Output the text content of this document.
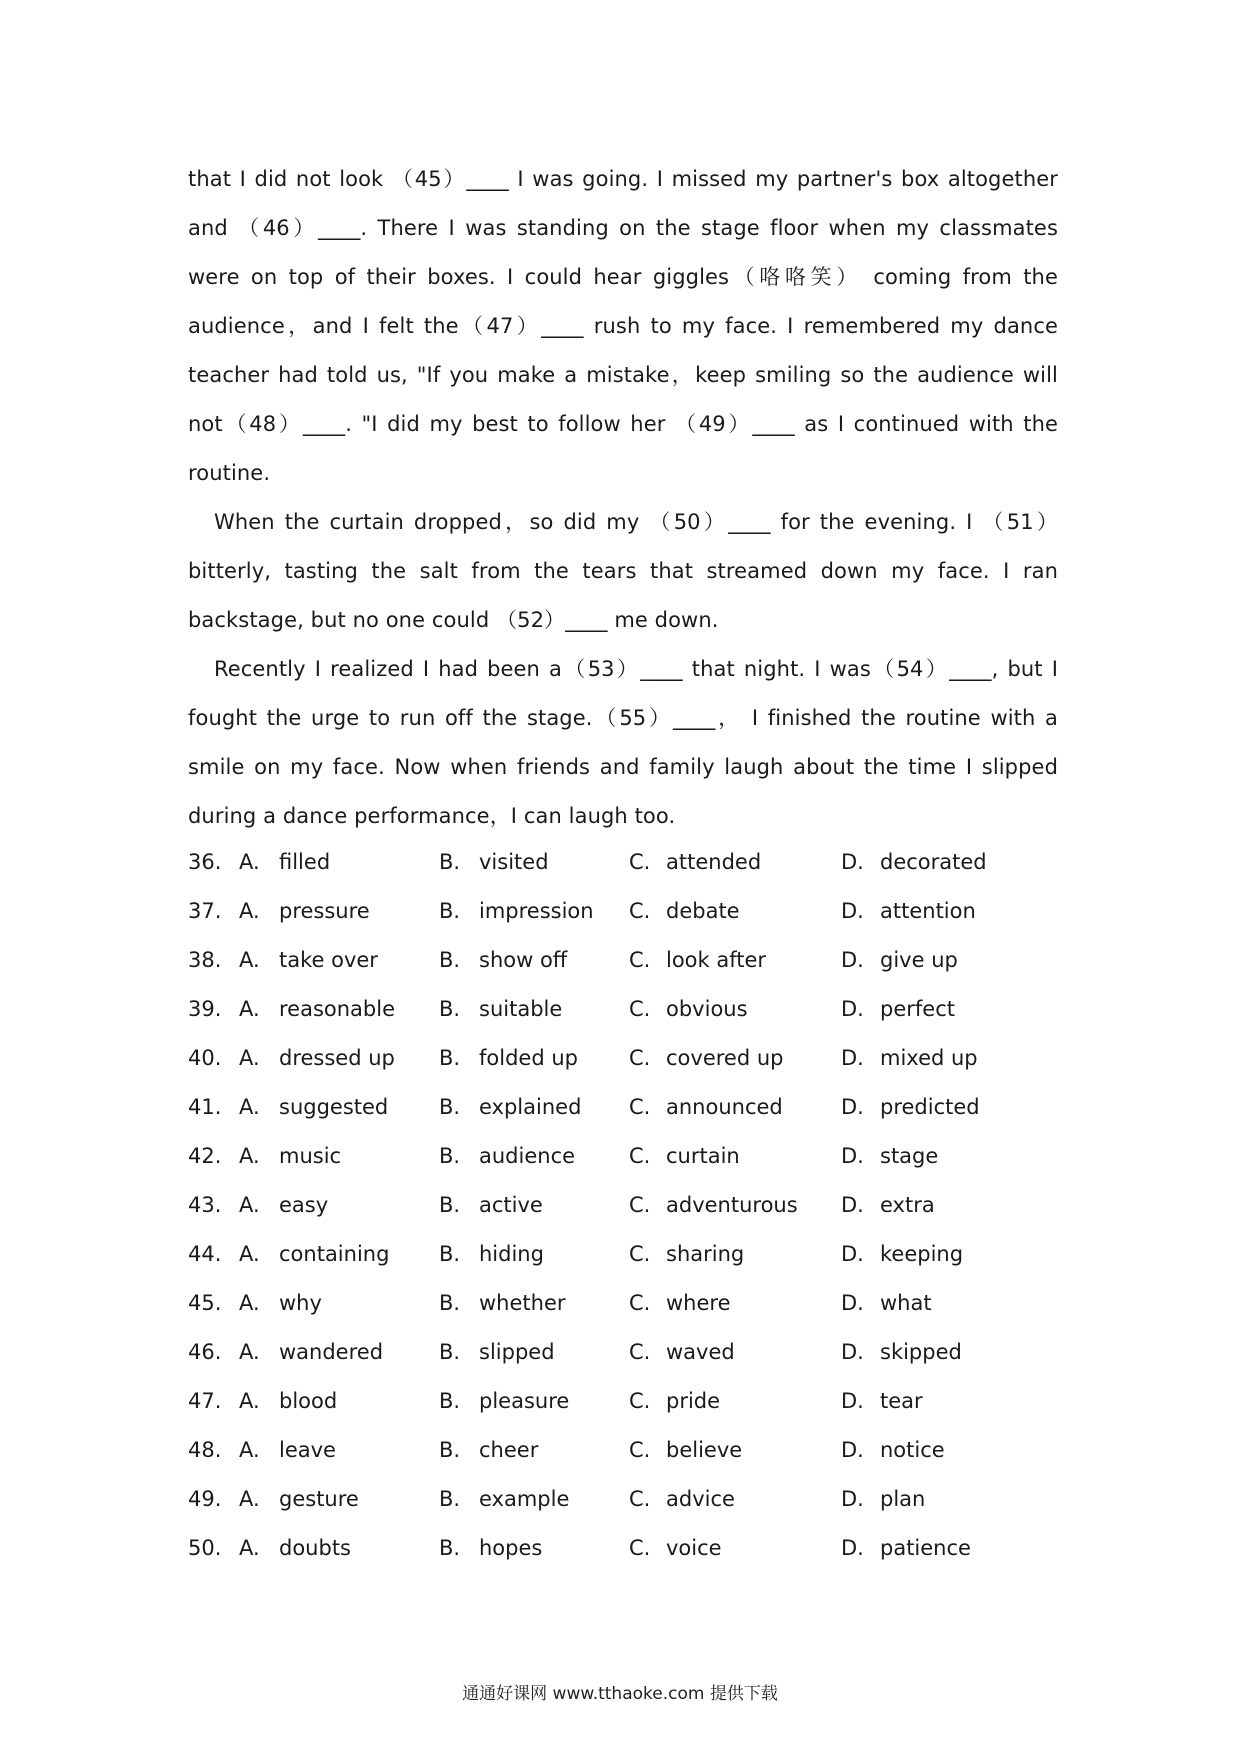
that I did not look （45）____ I was going. I missed my partner's box altogether and （46）____. There I was standing on the stage floor when my classmates were on top of their boxes. I could hear giggles（咯咯笑） coming from the audience，and I felt the（47）____ rush to my face. I remembered my dance teacher had told us, "If you make a mistake，keep smiling so the audience will not（48）____. "I did my best to follow her （49）____ as I continued with the routine.

When the curtain dropped，so did my （50）____ for the evening. I （51） bitterly, tasting the salt from the tears that streamed down my face. I ran backstage, but no one could （52）____ me down.

Recently I realized I had been a（53）____ that night. I was（54）____, but I fought the urge to run off the stage.（55）____， I finished the routine with a smile on my face. Now when friends and family laugh about the time I slipped during a dance performance，I can laugh too.

36. A. filled	B. visited	C. attended	D. decorated
37. A. pressure	B. impression C. debate	D. attention
38. A. take over	B. show off	C. look after	D. give up
39. A. reasonable B. suitable	C. obvious	D. perfect
40. A. dressed up B. folded up C. covered up	D. mixed up
41. A. suggested B. explained C. announced	D. predicted
42. A. music	B. audience	C. curtain	D. stage
43. A. easy	B. active	C. adventurous D. extra
44. A. containing B. hiding	C. sharing	D. keeping
45. A. why	B. whether	C. where	D. what
46. A. wandered	B. slipped	C. waved	D. skipped
47. A. blood	B. pleasure	C. pride	D. tear
48. A. leave	B. cheer	C. believe	D. notice
49. A. gesture	B. example	C. advice	D. plan
50. A. doubts	B. hopes	C. voice	D. patience
通通好课网 www.tthaoke.com 提供下载
